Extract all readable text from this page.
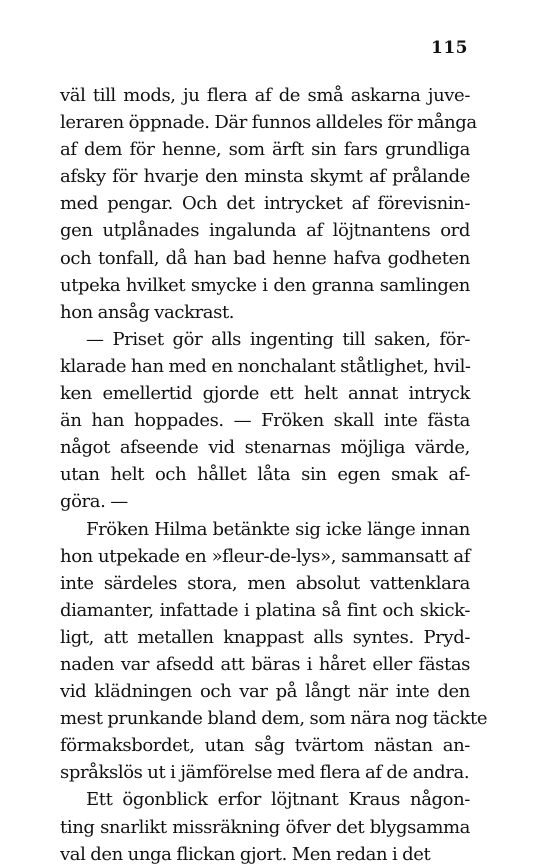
115
väl till mods, ju flera af de små askarna juve-
leraren öppnade. Där funnos alldeles för många
af dem för henne, som ärft sin fars grundliga
afsky för hvarje den minsta skymt af prålande
med pengar. Och det intrycket af förevisnin-
gen utplånades ingalunda af löjtnantens ord
och tonfall, då han bad henne hafva godheten
utpeka hvilket smycke i den granna samlingen
hon ansåg vackrast.
— Priset gör alls ingenting till saken, för-
klarade han med en nonchalant ståtlighet, hvil-
ken emellertid gjorde ett helt annat intryck
än han hoppades. — Fröken skall inte fästa
något afseende vid stenarnas möjliga värde,
utan helt och hållet låta sin egen smak af-
göra. —
Fröken Hilma betänkte sig icke länge innan
hon utpekade en »fleur-de-lys», sammansatt af
inte särdeles stora, men absolut vattenklara
diamanter, infattade i platina så fint och skick-
ligt, att metallen knappast alls syntes. Pryd-
naden var afsedd att bäras i håret eller fästas
vid klädningen och var på långt när inte den
mest prunkande bland dem, som nära nog täckte
förmaksbordet, utan såg tvärtom nästan an-
språkslös ut i jämförelse med flera af de andra.
Ett ögonblick erfor löjtnant Kraus någon-
ting snarlikt missräkning öfver det blygsamma
val den unga flickan gjort. Men redan i det
